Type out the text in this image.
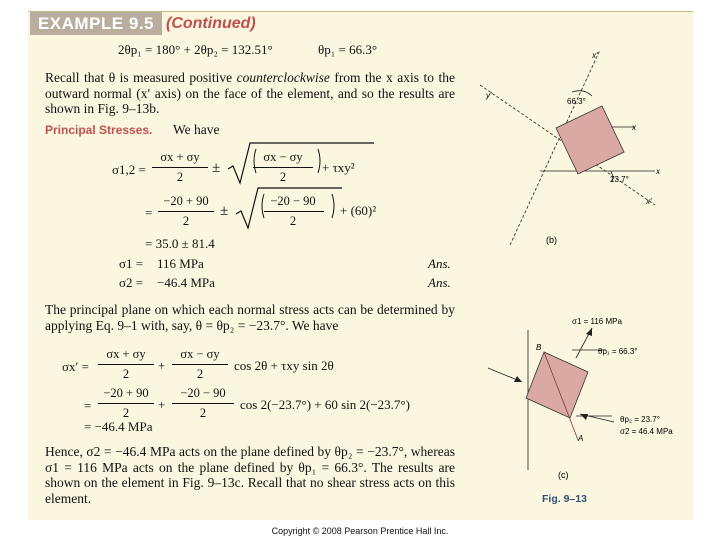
EXAMPLE 9.5 (Continued)
2θp₁ = 180° + 2θp₂ = 132.51°	θp₁ = 66.3°
Recall that θ is measured positive counterclockwise from the x axis to the outward normal (x′ axis) on the face of the element, and so the results are shown in Fig. 9–13b.
Principal Stresses. We have
σ1,2 =
σx + σy
2
±
σx − σy
2
+ τxy²
=
−20 + 90
2
±
−20 − 90
2
+ (60)²
= 35.0 ± 81.4
σ1 = 116 MPa	Ans.
σ2 = −46.4 MPa	Ans.
The principal plane on which each normal stress acts can be determined by applying Eq. 9–1 with, say, θ = θp₂ = −23.7°. We have
σx′ =
σx + σy
2
+
σx − σy
2
cos 2θ + τxy sin 2θ
=
−20 + 90
2
+
−20 − 90
2
cos 2(−23.7°) + 60 sin 2(−23.7°)
= −46.4 MPa
Hence, σ2 = −46.4 MPa acts on the plane defined by θp₂ = −23.7°, whereas σ1 = 116 MPa acts on the plane defined by θp₁ = 66.3°. The results are shown on the element in Fig. 9–13c. Recall that no shear stress acts on this element.
66.3°
23.7°
x
x
x′
x′
y′
(b)
σ1 = 116 MPa
θp₁ = 66.3°
θp₂ = 23.7°
σ2 = 46.4 MPa
B
A
(c)
Fig. 9–13
Copyright © 2008 Pearson Prentice Hall Inc.
